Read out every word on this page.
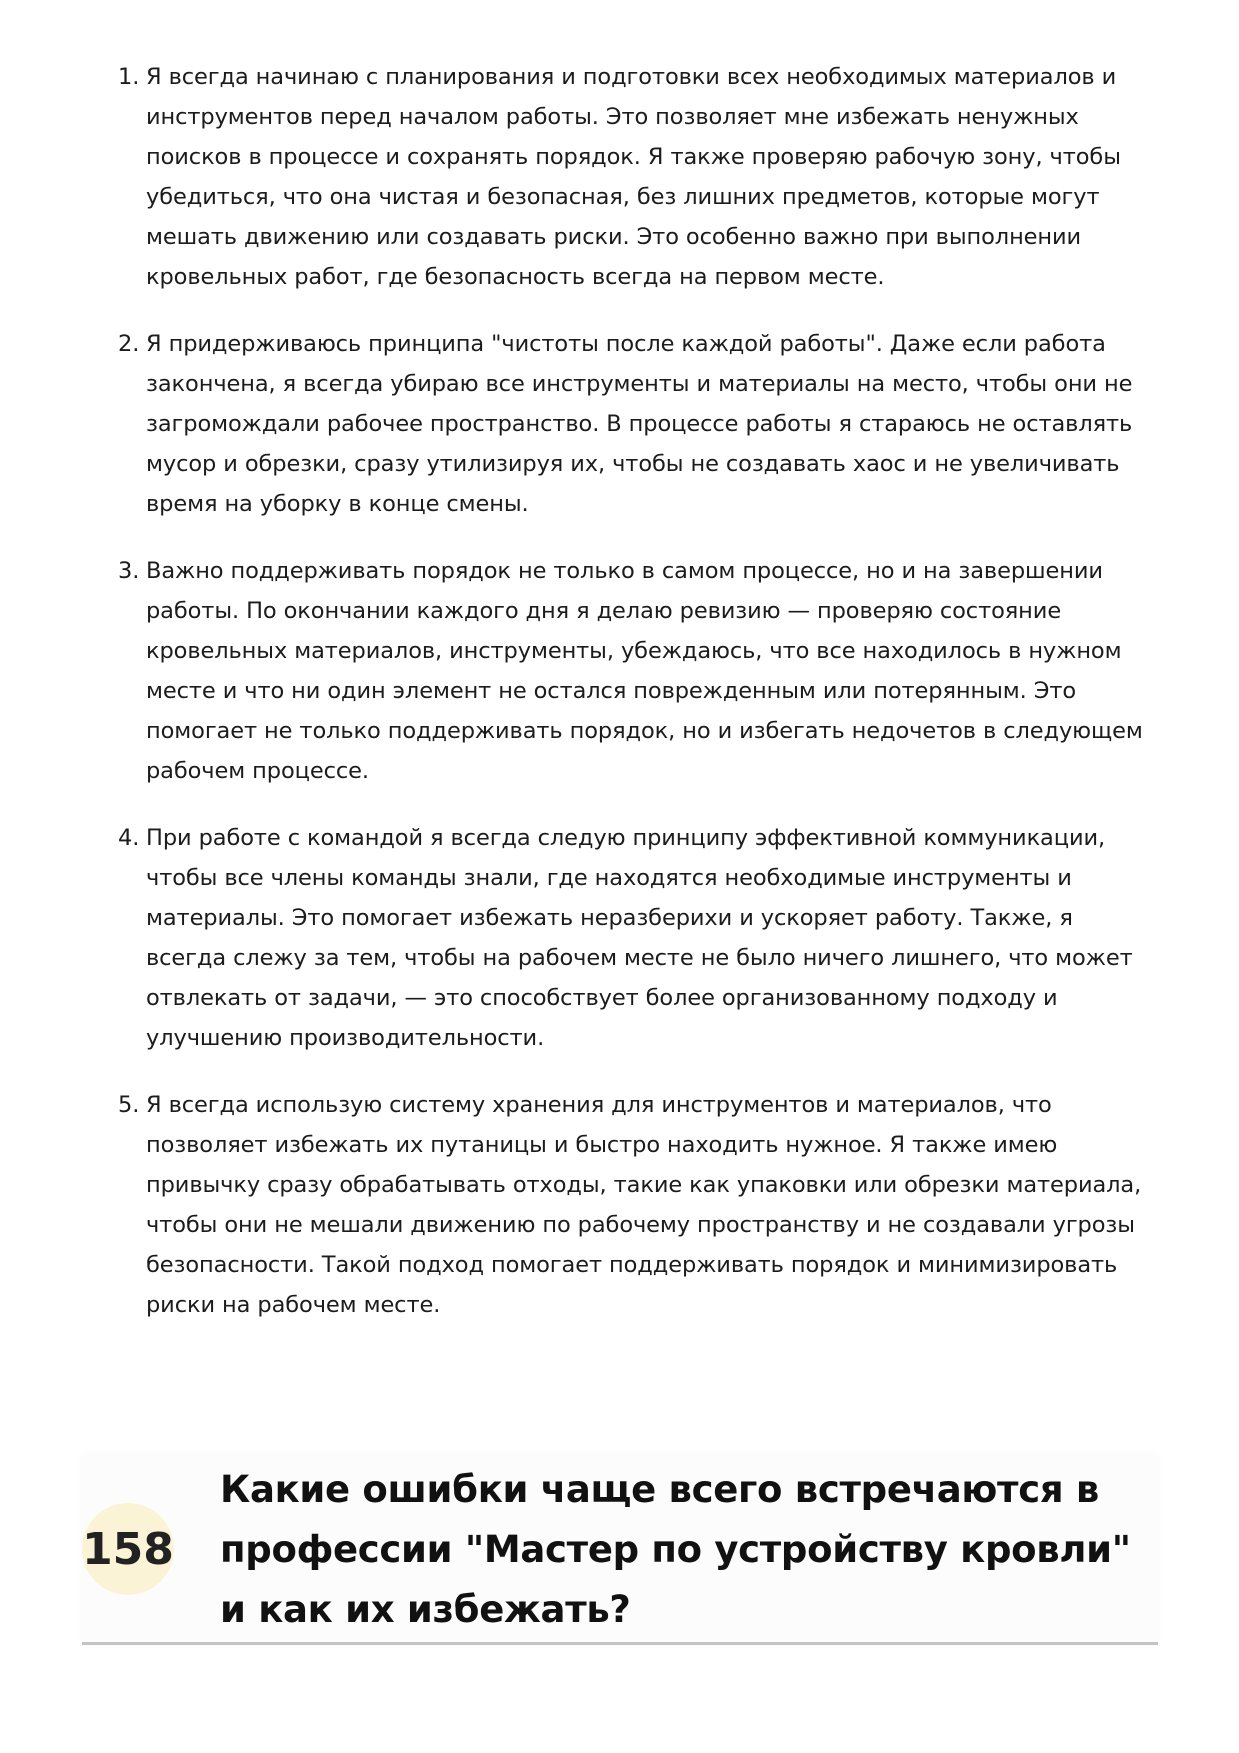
1. Я всегда начинаю с планирования и подготовки всех необходимых материалов и инструментов перед началом работы. Это позволяет мне избежать ненужных поисков в процессе и сохранять порядок. Я также проверяю рабочую зону, чтобы убедиться, что она чистая и безопасная, без лишних предметов, которые могут мешать движению или создавать риски. Это особенно важно при выполнении кровельных работ, где безопасность всегда на первом месте.
2. Я придерживаюсь принципа "чистоты после каждой работы". Даже если работа закончена, я всегда убираю все инструменты и материалы на место, чтобы они не загромождали рабочее пространство. В процессе работы я стараюсь не оставлять мусор и обрезки, сразу утилизируя их, чтобы не создавать хаос и не увеличивать время на уборку в конце смены.
3. Важно поддерживать порядок не только в самом процессе, но и на завершении работы. По окончании каждого дня я делаю ревизию — проверяю состояние кровельных материалов, инструменты, убеждаюсь, что все находилось в нужном месте и что ни один элемент не остался поврежденным или потерянным. Это помогает не только поддерживать порядок, но и избегать недочетов в следующем рабочем процессе.
4. При работе с командой я всегда следую принципу эффективной коммуникации, чтобы все члены команды знали, где находятся необходимые инструменты и материалы. Это помогает избежать неразберихи и ускоряет работу. Также, я всегда слежу за тем, чтобы на рабочем месте не было ничего лишнего, что может отвлекать от задачи, — это способствует более организованному подходу и улучшению производительности.
5. Я всегда использую систему хранения для инструментов и материалов, что позволяет избежать их путаницы и быстро находить нужное. Я также имею привычку сразу обрабатывать отходы, такие как упаковки или обрезки материала, чтобы они не мешали движению по рабочему пространству и не создавали угрозы безопасности. Такой подход помогает поддерживать порядок и минимизировать риски на рабочем месте.
158
Какие ошибки чаще всего встречаются в профессии "Мастер по устройству кровли" и как их избежать?
